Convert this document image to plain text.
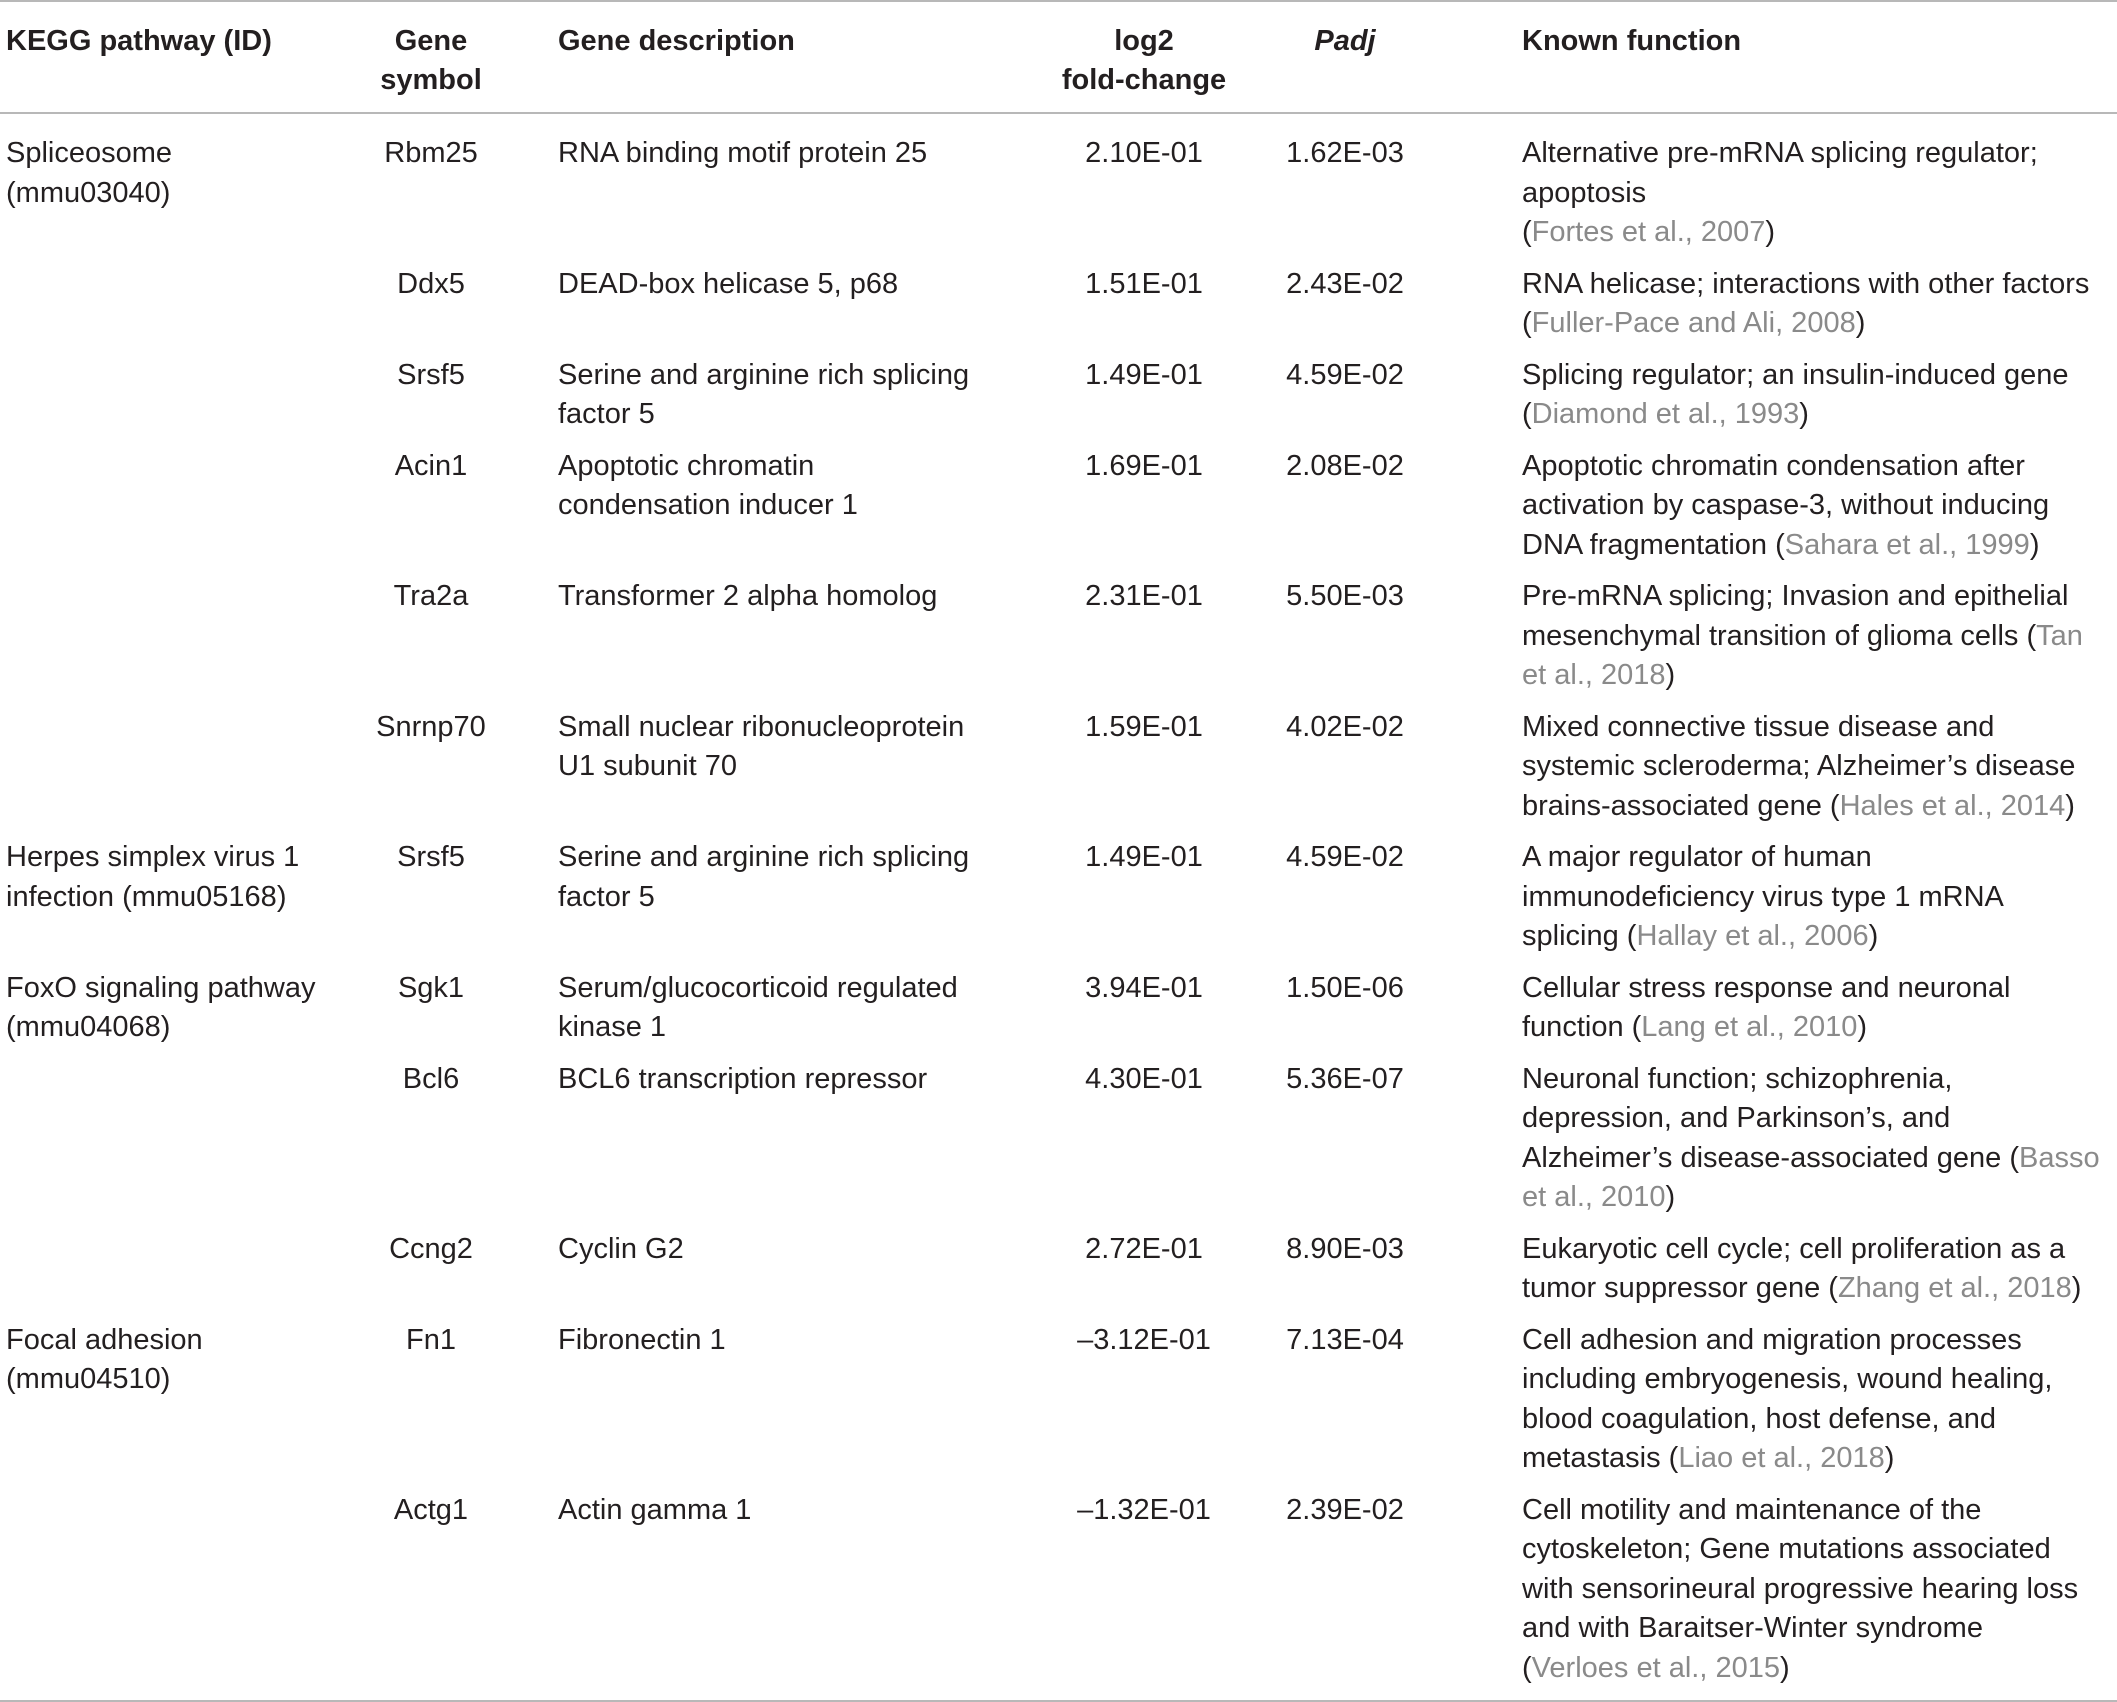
KEGG pathway (ID)	Gene
symbol	Gene description	log2
fold-change	Padj	Known function
Spliceosome
(mmu03040)	Rbm25	RNA binding motif protein 25	2.10E-01	1.62E-03	Alternative pre-mRNA splicing regulator; apoptosis
(Fortes et al., 2007)
	Ddx5	DEAD-box helicase 5, p68	1.51E-01	2.43E-02	RNA helicase; interactions with other factors
(Fuller-Pace and Ali, 2008)
	Srsf5	Serine and arginine rich splicing
factor 5	1.49E-01	4.59E-02	Splicing regulator; an insulin-induced gene (Diamond et al., 1993)
	Acin1	Apoptotic chromatin
condensation inducer 1	1.69E-01	2.08E-02	Apoptotic chromatin condensation after activation by caspase-3, without inducing DNA fragmentation (Sahara et al., 1999)
	Tra2a	Transformer 2 alpha homolog	2.31E-01	5.50E-03	Pre-mRNA splicing; Invasion and epithelial mesenchymal transition of glioma cells (Tan et al., 2018)
	Snrnp70	Small nuclear ribonucleoprotein
U1 subunit 70	1.59E-01	4.02E-02	Mixed connective tissue disease and systemic scleroderma; Alzheimer’s disease brains-associated gene (Hales et al., 2014)
Herpes simplex virus 1
infection (mmu05168)	Srsf5	Serine and arginine rich splicing
factor 5	1.49E-01	4.59E-02	A major regulator of human immunodeficiency virus type 1 mRNA splicing (Hallay et al., 2006)
FoxO signaling pathway
(mmu04068)	Sgk1	Serum/glucocorticoid regulated
kinase 1	3.94E-01	1.50E-06	Cellular stress response and neuronal function (Lang et al., 2010)
	Bcl6	BCL6 transcription repressor	4.30E-01	5.36E-07	Neuronal function; schizophrenia, depression, and Parkinson’s, and Alzheimer’s disease-associated gene (Basso et al., 2010)
	Ccng2	Cyclin G2	2.72E-01	8.90E-03	Eukaryotic cell cycle; cell proliferation as a tumor suppressor gene (Zhang et al., 2018)
Focal adhesion
(mmu04510)	Fn1	Fibronectin 1	–3.12E-01	7.13E-04	Cell adhesion and migration processes including embryogenesis, wound healing, blood coagulation, host defense, and metastasis (Liao et al., 2018)
	Actg1	Actin gamma 1	–1.32E-01	2.39E-02	Cell motility and maintenance of the cytoskeleton; Gene mutations associated with sensorineural progressive hearing loss and with Baraitser-Winter syndrome
(Verloes et al., 2015)
